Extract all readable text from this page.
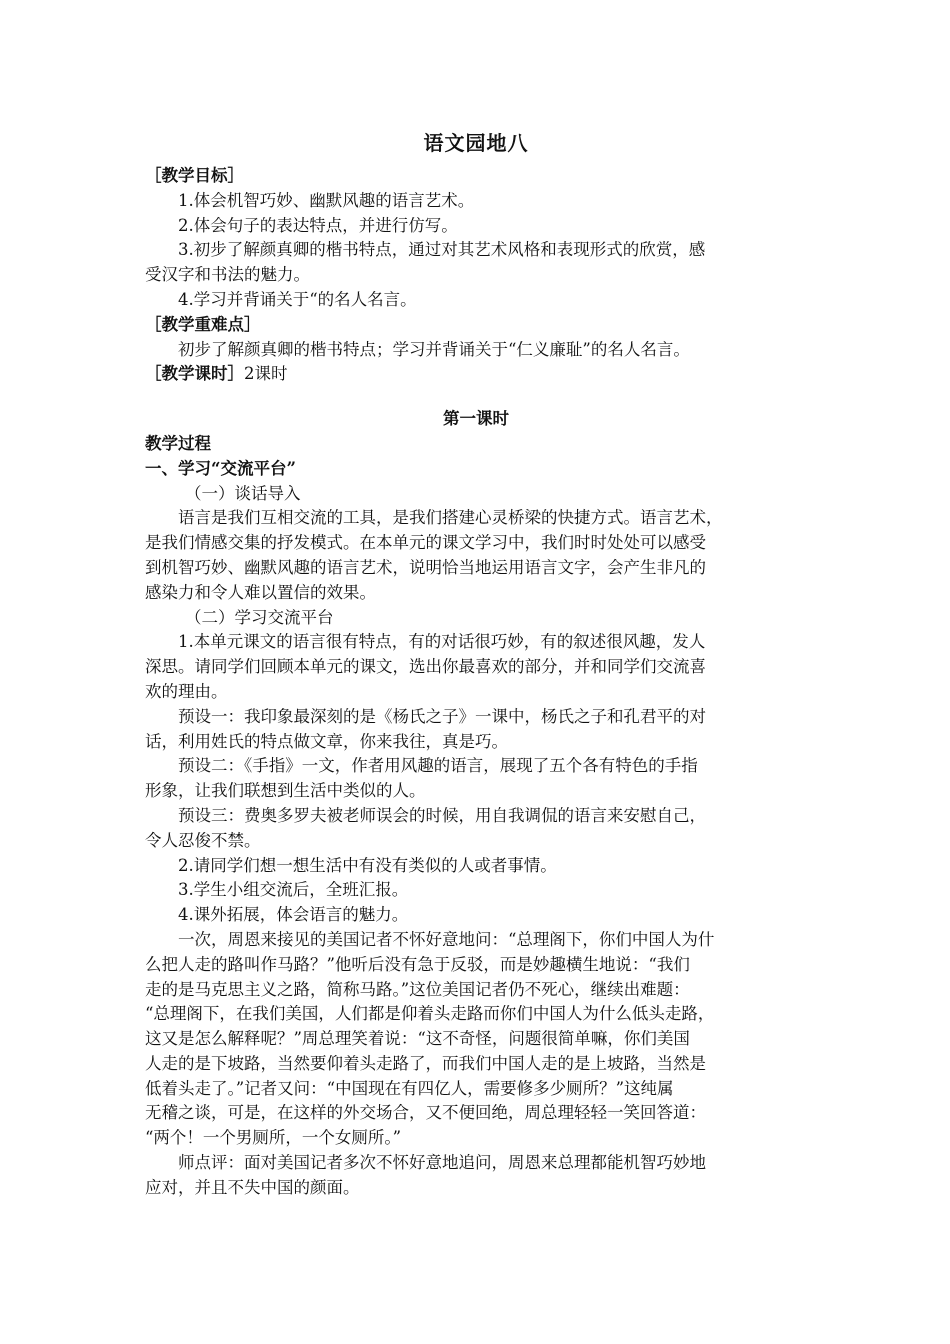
语文园地八
［教学目标］
1.体会机智巧妙、幽默风趣的语言艺术。
2.体会句子的表达特点，并进行仿写。
3.初步了解颜真卿的楷书特点，通过对其艺术风格和表现形式的欣赏，感
受汉字和书法的魅力。
4.学习并背诵关于“的名人名言。
［教学重难点］
初步了解颜真卿的楷书特点；学习并背诵关于“仁义廉耻”的名人名言。
［教学课时］2课时
第一课时
教学过程
一、学习“交流平台”
（一）谈话导入
语言是我们互相交流的工具，是我们搭建心灵桥梁的快捷方式。语言艺术，
是我们情感交集的抒发模式。在本单元的课文学习中，我们时时处处可以感受
到机智巧妙、幽默风趣的语言艺术，说明恰当地运用语言文字，会产生非凡的
感染力和令人难以置信的效果。
（二）学习交流平台
1.本单元课文的语言很有特点，有的对话很巧妙，有的叙述很风趣，发人
深思。请同学们回顾本单元的课文，选出你最喜欢的部分，并和同学们交流喜
欢的理由。
预设一：我印象最深刻的是《杨氏之子》一课中，杨氏之子和孔君平的对
话，利用姓氏的特点做文章，你来我往，真是巧。
预设二：《手指》一文，作者用风趣的语言，展现了五个各有特色的手指
形象，让我们联想到生活中类似的人。
预设三：费奥多罗夫被老师误会的时候，用自我调侃的语言来安慰自己，
令人忍俊不禁。
2.请同学们想一想生活中有没有类似的人或者事情。
3.学生小组交流后，全班汇报。
4.课外拓展，体会语言的魅力。
一次，周恩来接见的美国记者不怀好意地问：“总理阁下，你们中国人为什
么把人走的路叫作马路？”他听后没有急于反驳，而是妙趣横生地说：“我们
走的是马克思主义之路，简称马路。”这位美国记者仍不死心，继续出难题：
“总理阁下，在我们美国，人们都是仰着头走路而你们中国人为什么低头走路，
这又是怎么解释呢？”周总理笑着说：“这不奇怪，问题很简单嘛，你们美国
人走的是下坡路，当然要仰着头走路了，而我们中国人走的是上坡路，当然是
低着头走了。”记者又问：“中国现在有四亿人，需要修多少厕所？”这纯属
无稽之谈，可是，在这样的外交场合，又不便回绝，周总理轻轻一笑回答道：
“两个！一个男厕所，一个女厕所。”
师点评：面对美国记者多次不怀好意地追问，周恩来总理都能机智巧妙地
应对，并且不失中国的颜面。
